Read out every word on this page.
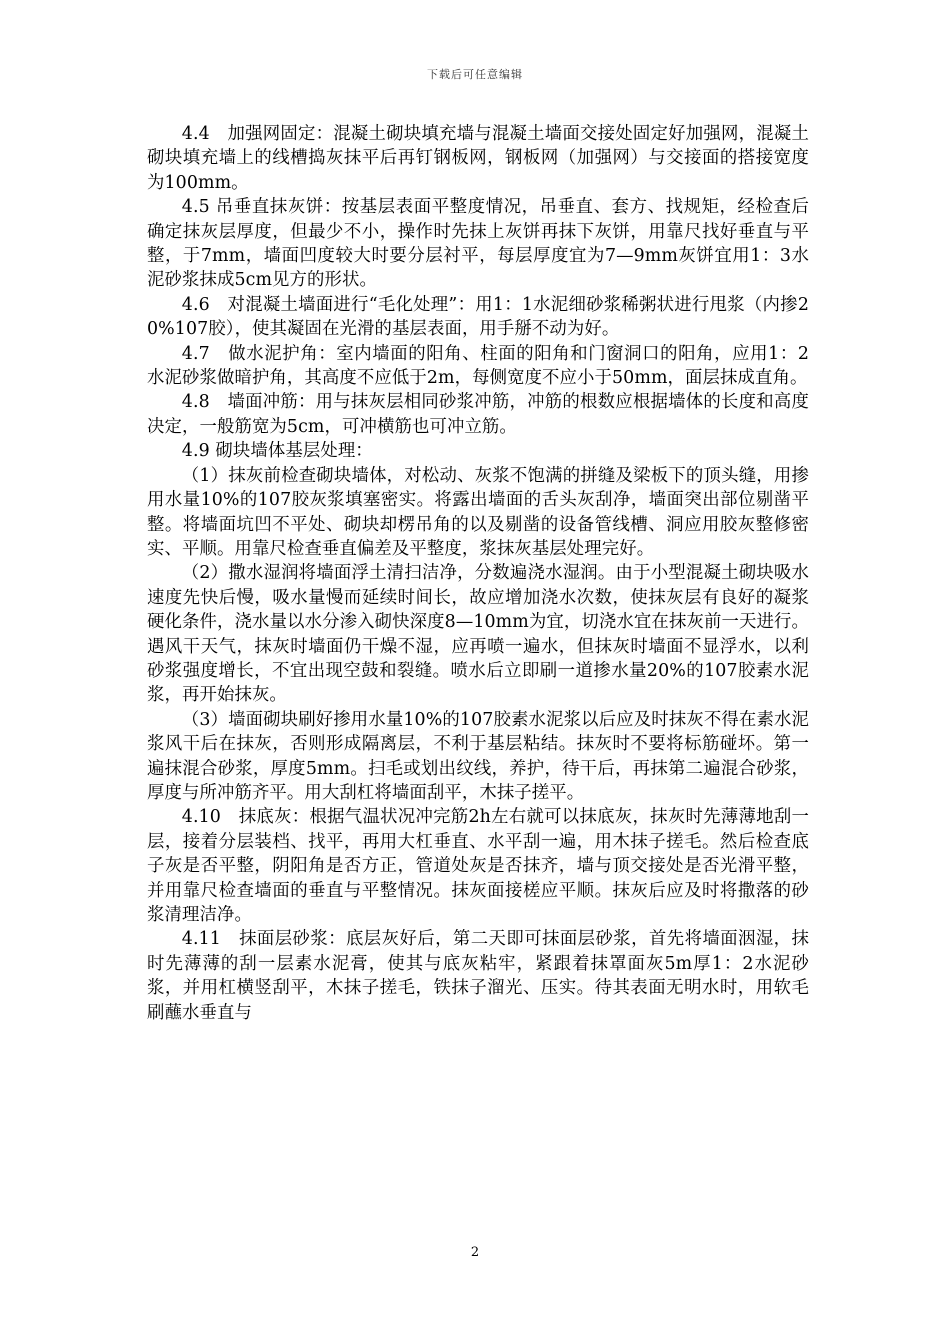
下载后可任意编辑

4.4　加强网固定：混凝土砌块填充墙与混凝土墙面交接处固定好加强网，混凝土砌块填充墙上的线槽捣灰抹平后再钉钢板网，钢板网（加强网）与交接面的搭接宽度为100mm。

4.5 吊垂直抹灰饼：按基层表面平整度情况，吊垂直、套方、找规矩，经检查后确定抹灰层厚度，但最少不小，操作时先抹上灰饼再抹下灰饼，用靠尺找好垂直与平整，于7mm，墙面凹度较大时要分层衬平，每层厚度宜为7—9mm灰饼宜用1：3水泥砂浆抹成5cm见方的形状。

4.6　对混凝土墙面进行“毛化处理”：用1：1水泥细砂浆稀粥状进行甩浆（内掺20%107胶），使其凝固在光滑的基层表面，用手掰不动为好。

4.7　做水泥护角：室内墙面的阳角、柱面的阳角和门窗洞口的阳角，应用1：2水泥砂浆做暗护角，其高度不应低于2m，每侧宽度不应小于50mm，面层抹成直角。

4.8　墙面冲筋：用与抹灰层相同砂浆冲筋，冲筋的根数应根据墙体的长度和高度决定，一般筋宽为5cm，可冲横筋也可冲立筋。

4.9 砌块墙体基层处理：

（1）抹灰前检查砌块墙体，对松动、灰浆不饱满的拼缝及梁板下的顶头缝，用掺用水量10%的107胶灰浆填塞密实。将露出墙面的舌头灰刮净，墙面突出部位剔凿平整。将墙面坑凹不平处、砌块却楞吊角的以及剔凿的设备管线槽、洞应用胶灰整修密实、平顺。用靠尺检查垂直偏差及平整度，浆抹灰基层处理完好。

（2）撒水湿润将墙面浮土清扫洁净，分数遍浇水湿润。由于小型混凝土砌块吸水速度先快后慢，吸水量慢而延续时间长，故应增加浇水次数，使抹灰层有良好的凝浆硬化条件，浇水量以水分渗入砌快深度8—10mm为宜，切浇水宜在抹灰前一天进行。遇风干天气，抹灰时墙面仍干燥不湿，应再喷一遍水，但抹灰时墙面不显浮水，以利砂浆强度增长，不宜出现空鼓和裂缝。喷水后立即刷一道掺水量20%的107胶素水泥浆，再开始抹灰。

（3）墙面砌块刷好掺用水量10%的107胶素水泥浆以后应及时抹灰不得在素水泥浆风干后在抹灰，否则形成隔离层，不利于基层粘结。抹灰时不要将标筋碰坏。第一遍抹混合砂浆，厚度5mm。扫毛或划出纹线，养护，待干后，再抹第二遍混合砂浆，厚度与所冲筋齐平。用大刮杠将墙面刮平，木抹子搓平。

4.10　抹底灰：根据气温状况冲完筋2h左右就可以抹底灰，抹灰时先薄薄地刮一层，接着分层装档、找平，再用大杠垂直、水平刮一遍，用木抹子搓毛。然后检查底子灰是否平整，阴阳角是否方正，管道处灰是否抹齐，墙与顶交接处是否光滑平整，并用靠尺检查墙面的垂直与平整情况。抹灰面接槎应平顺。抹灰后应及时将撒落的砂浆清理洁净。

4.11　抹面层砂浆：底层灰好后，第二天即可抹面层砂浆，首先将墙面洇湿，抹时先薄薄的刮一层素水泥膏，使其与底灰粘牢，紧跟着抹罩面灰5m厚1：2水泥砂浆，并用杠横竖刮平，木抹子搓毛，铁抹子溜光、压实。待其表面无明水时，用软毛刷蘸水垂直与

2
